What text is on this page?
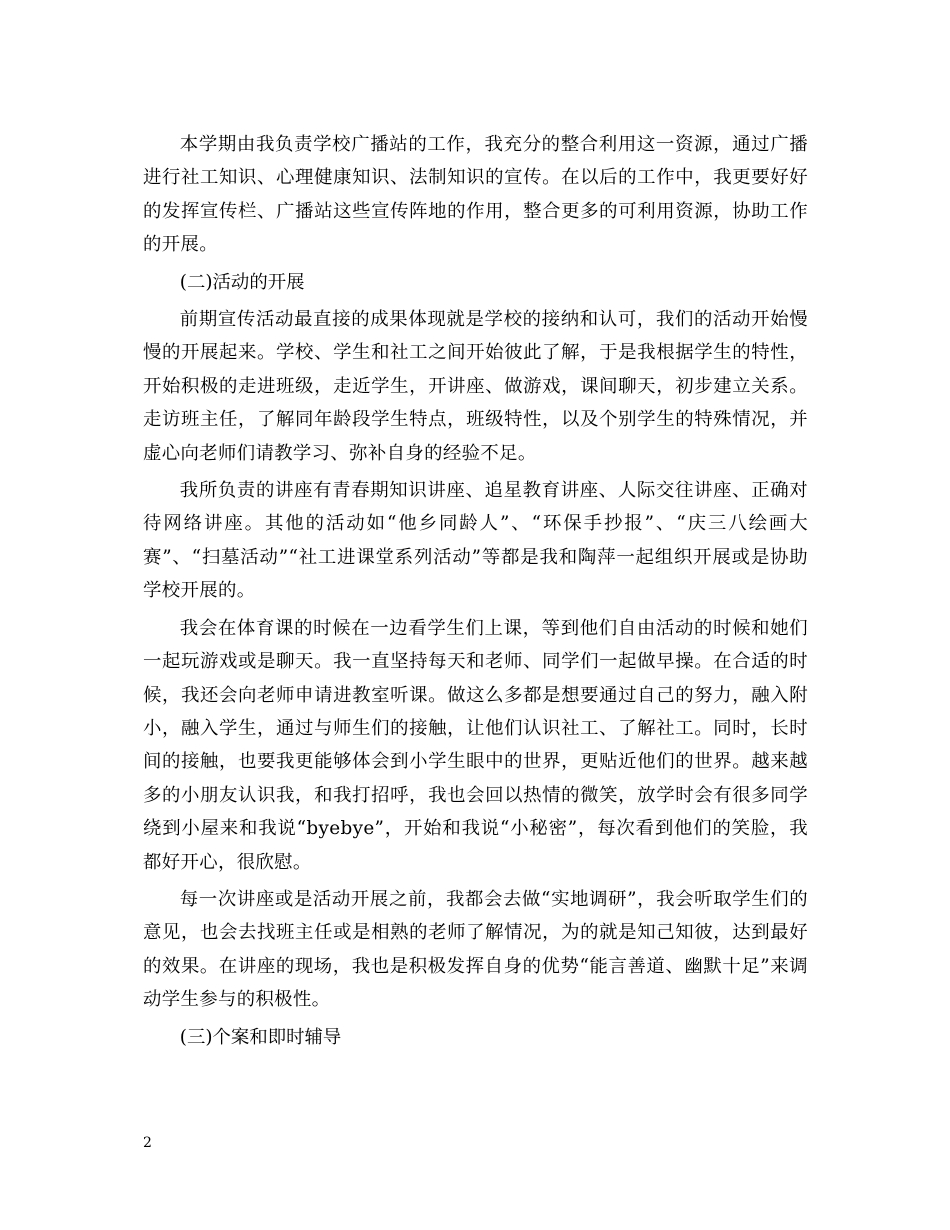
本学期由我负责学校广播站的工作，我充分的整合利用这一资源，通过广播进行社工知识、心理健康知识、法制知识的宣传。在以后的工作中，我更要好好的发挥宣传栏、广播站这些宣传阵地的作用，整合更多的可利用资源，协助工作的开展。

(二)活动的开展

前期宣传活动最直接的成果体现就是学校的接纳和认可，我们的活动开始慢慢的开展起来。学校、学生和社工之间开始彼此了解，于是我根据学生的特性，开始积极的走进班级，走近学生，开讲座、做游戏，课间聊天，初步建立关系。走访班主任，了解同年龄段学生特点，班级特性，以及个别学生的特殊情况，并虚心向老师们请教学习、弥补自身的经验不足。

我所负责的讲座有青春期知识讲座、追星教育讲座、人际交往讲座、正确对待网络讲座。其他的活动如“他乡同龄人”、“环保手抄报”、“庆三八绘画大赛”、“扫墓活动”“社工进课堂系列活动”等都是我和陶萍一起组织开展或是协助学校开展的。

我会在体育课的时候在一边看学生们上课，等到他们自由活动的时候和她们一起玩游戏或是聊天。我一直坚持每天和老师、同学们一起做早操。在合适的时候，我还会向老师申请进教室听课。做这么多都是想要通过自己的努力，融入附小，融入学生，通过与师生们的接触，让他们认识社工、了解社工。同时，长时间的接触，也要我更能够体会到小学生眼中的世界，更贴近他们的世界。越来越多的小朋友认识我，和我打招呼，我也会回以热情的微笑，放学时会有很多同学绕到小屋来和我说“byebye”，开始和我说“小秘密”，每次看到他们的笑脸，我都好开心，很欣慰。

每一次讲座或是活动开展之前，我都会去做“实地调研”，我会听取学生们的意见，也会去找班主任或是相熟的老师了解情况，为的就是知己知彼，达到最好的效果。在讲座的现场，我也是积极发挥自身的优势“能言善道、幽默十足”来调动学生参与的积极性。

(三)个案和即时辅导

2
